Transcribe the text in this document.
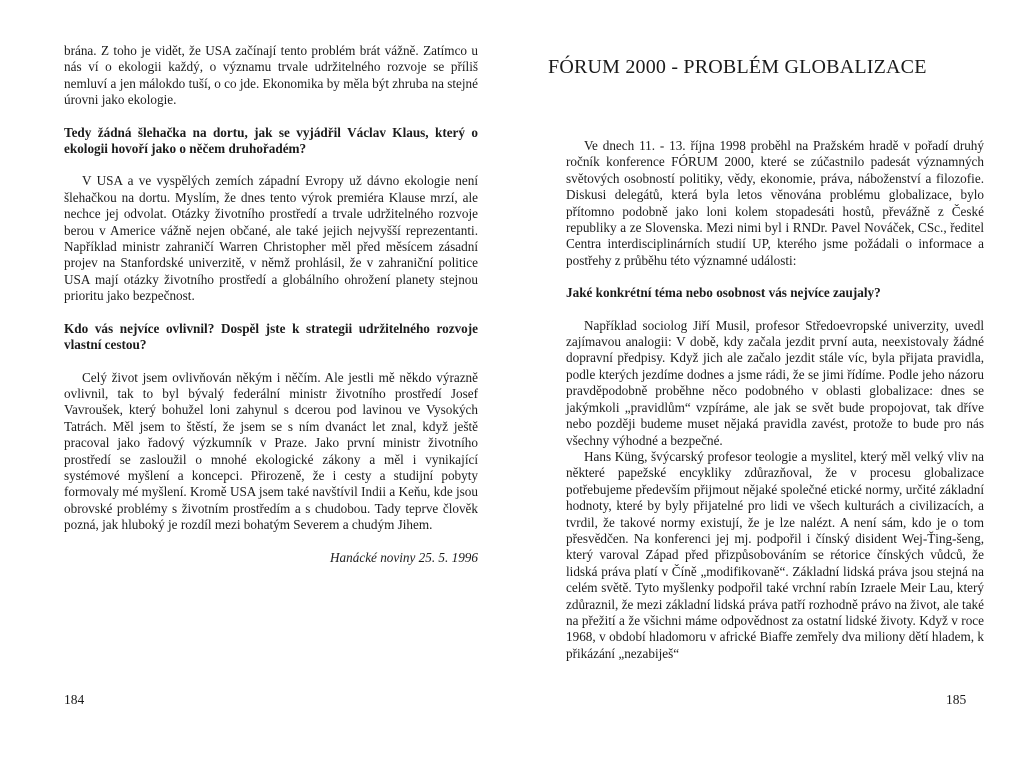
brána. Z toho je vidět, že USA začínají tento problém brát vážně. Zatímco u nás ví o ekologii každý, o významu trvale udržitelného rozvoje se příliš nemluví a jen málokdo tuší, o co jde. Ekonomika by měla být zhruba na stejné úrovni jako ekologie.

Tedy žádná šlehačka na dortu, jak se vyjádřil Václav Klaus, který o ekologii hovoří jako o něčem druhořadém?

V USA a ve vyspělých zemích západní Evropy už dávno ekologie není šlehačkou na dortu. Myslím, že dnes tento výrok premiéra Klause mrzí, ale nechce jej odvolat. Otázky životního prostředí a trvale udržitelného rozvoje berou v Americe vážně nejen občané, ale také jejich nejvyšší reprezentanti. Například ministr zahraničí Warren Christopher měl před měsícem zásadní projev na Stanfordské univerzitě, v němž prohlásil, že v zahraniční politice USA mají otázky životního prostředí a globálního ohrožení planety stejnou prioritu jako bezpečnost.

Kdo vás nejvíce ovlivnil? Dospěl jste k strategii udržitelného rozvoje vlastní cestou?

Celý život jsem ovlivňován někým i něčím. Ale jestli mě někdo výrazně ovlivnil, tak to byl bývalý federální ministr životního prostředí Josef Vavroušek, který bohužel loni zahynul s dcerou pod lavinou ve Vysokých Tatrách. Měl jsem to štěstí, že jsem se s ním dvanáct let znal, když ještě pracoval jako řadový výzkumník v Praze. Jako první ministr životního prostředí se zasloužil o mnohé ekologické zákony a měl i vynikající systémové myšlení a koncepci. Přirozeně, že i cesty a studijní pobyty formovaly mé myšlení. Kromě USA jsem také navštívil Indii a Keňu, kde jsou obrovské problémy s životním prostředím a s chudobou. Tady teprve člověk pozná, jak hluboký je rozdíl mezi bohatým Severem a chudým Jihem.

Hanácké noviny 25. 5. 1996

184
FÓRUM 2000 - PROBLÉM GLOBALIZACE

Ve dnech 11. - 13. října 1998 proběhl na Pražském hradě v pořadí druhý ročník konference FÓRUM 2000, které se zúčastnilo padesát významných světových osobností politiky, vědy, ekonomie, práva, náboženství a filozofie. Diskusi delegátů, která byla letos věnována problému globalizace, bylo přítomno podobně jako loni kolem stopadesáti hostů, převážně z České republiky a ze Slovenska. Mezi nimi byl i RNDr. Pavel Nováček, CSc., ředitel Centra interdisciplinárních studií UP, kterého jsme požádali o informace a postřehy z průběhu této významné události:

Jaké konkrétní téma nebo osobnost vás nejvíce zaujaly?

Například sociolog Jiří Musil, profesor Středoevropské univerzity, uvedl zajímavou analogii: V době, kdy začala jezdit první auta, neexistovaly žádné dopravní předpisy. Když jich ale začalo jezdit stále víc, byla přijata pravidla, podle kterých jezdíme dodnes a jsme rádi, že se jimi řídíme. Podle jeho názoru pravděpodobně proběhne něco podobného v oblasti globalizace: dnes se jakýmkoli „pravidlům“ vzpíráme, ale jak se svět bude propojovat, tak dříve nebo později budeme muset nějaká pravidla zavést, protože to bude pro nás všechny výhodné a bezpečné.

Hans Küng, švýcarský profesor teologie a myslitel, který měl velký vliv na některé papežské encykliky zdůrazňoval, že v procesu globalizace potřebujeme především přijmout nějaké společné etické normy, určité základní hodnoty, které by byly přijatelné pro lidi ve všech kulturách a civilizacích, a tvrdil, že takové normy existují, že je lze nalézt. A není sám, kdo je o tom přesvědčen. Na konferenci jej mj. podpořil i čínský disident Wej-Ťing-šeng, který varoval Západ před přizpůsobováním se rétorice čínských vůdců, že lidská práva platí v Číně „modifikovaně“. Základní lidská práva jsou stejná na celém světě. Tyto myšlenky podpořil také vrchní rabín Izraele Meir Lau, který zdůraznil, že mezi základní lidská práva patří rozhodně právo na život, ale také na přežití a že všichni máme odpovědnost za ostatní lidské životy. Když v roce 1968, v období hladomoru v africké Biafře zemřely dva miliony dětí hladem, k přikázání „nezabiješ“

185
